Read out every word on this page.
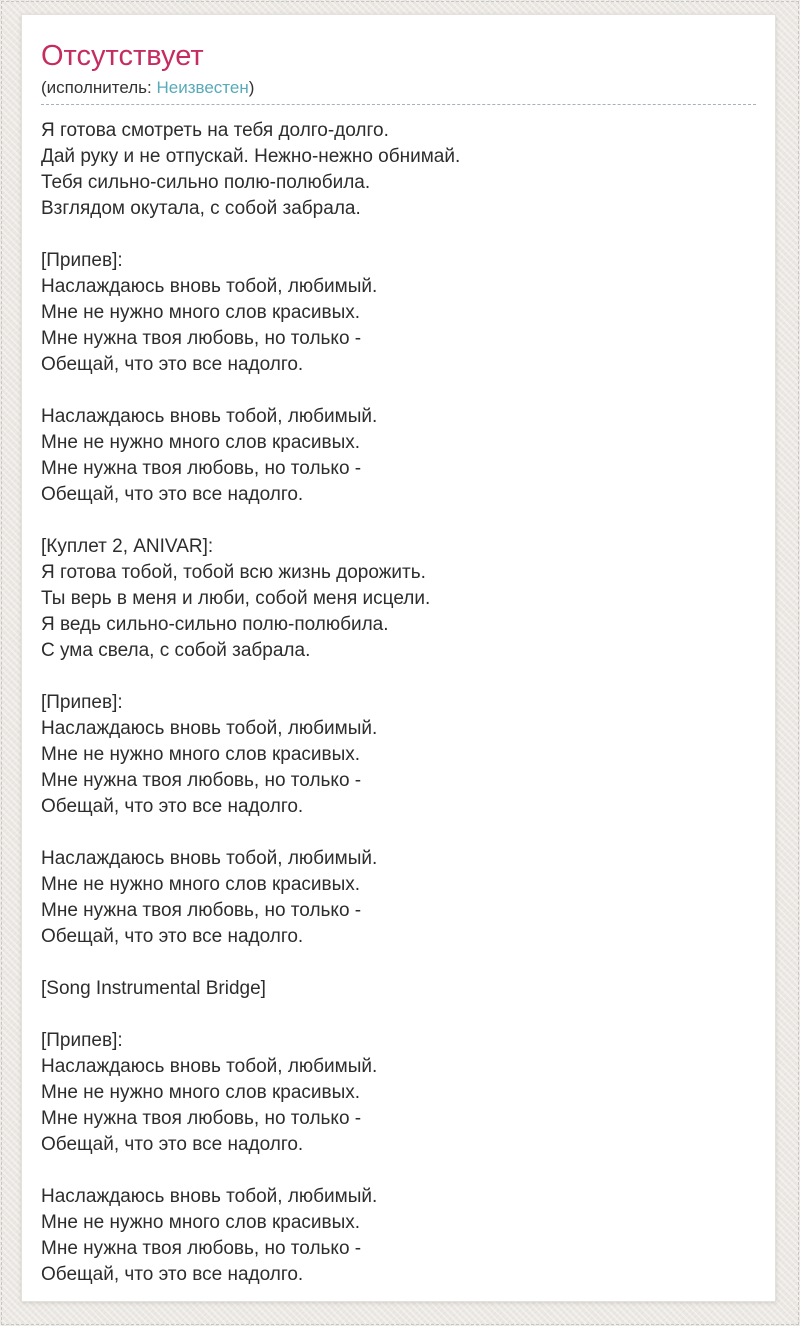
Отсутствует
(исполнитель: Неизвестен)
Я готова смотреть на тебя долго-долго.
Дай руку и не отпускай. Нежно-нежно обнимай.
Тебя сильно-сильно полю-полюбила.
Взглядом окутала, с собой забрала.
[Припев]:
Наслаждаюсь вновь тобой, любимый.
Мне не нужно много слов красивых.
Мне нужна твоя любовь, но только -
Обещай, что это все надолго.
Наслаждаюсь вновь тобой, любимый.
Мне не нужно много слов красивых.
Мне нужна твоя любовь, но только -
Обещай, что это все надолго.
[Куплет 2, ANIVAR]:
Я готова тобой, тобой всю жизнь дорожить.
Ты верь в меня и люби, собой меня исцели.
Я ведь сильно-сильно полю-полюбила.
С ума свела, с собой забрала.
[Припев]:
Наслаждаюсь вновь тобой, любимый.
Мне не нужно много слов красивых.
Мне нужна твоя любовь, но только -
Обещай, что это все надолго.
Наслаждаюсь вновь тобой, любимый.
Мне не нужно много слов красивых.
Мне нужна твоя любовь, но только -
Обещай, что это все надолго.
[Song Instrumental Bridge]
[Припев]:
Наслаждаюсь вновь тобой, любимый.
Мне не нужно много слов красивых.
Мне нужна твоя любовь, но только -
Обещай, что это все надолго.
Наслаждаюсь вновь тобой, любимый.
Мне не нужно много слов красивых.
Мне нужна твоя любовь, но только -
Обещай, что это все надолго.
